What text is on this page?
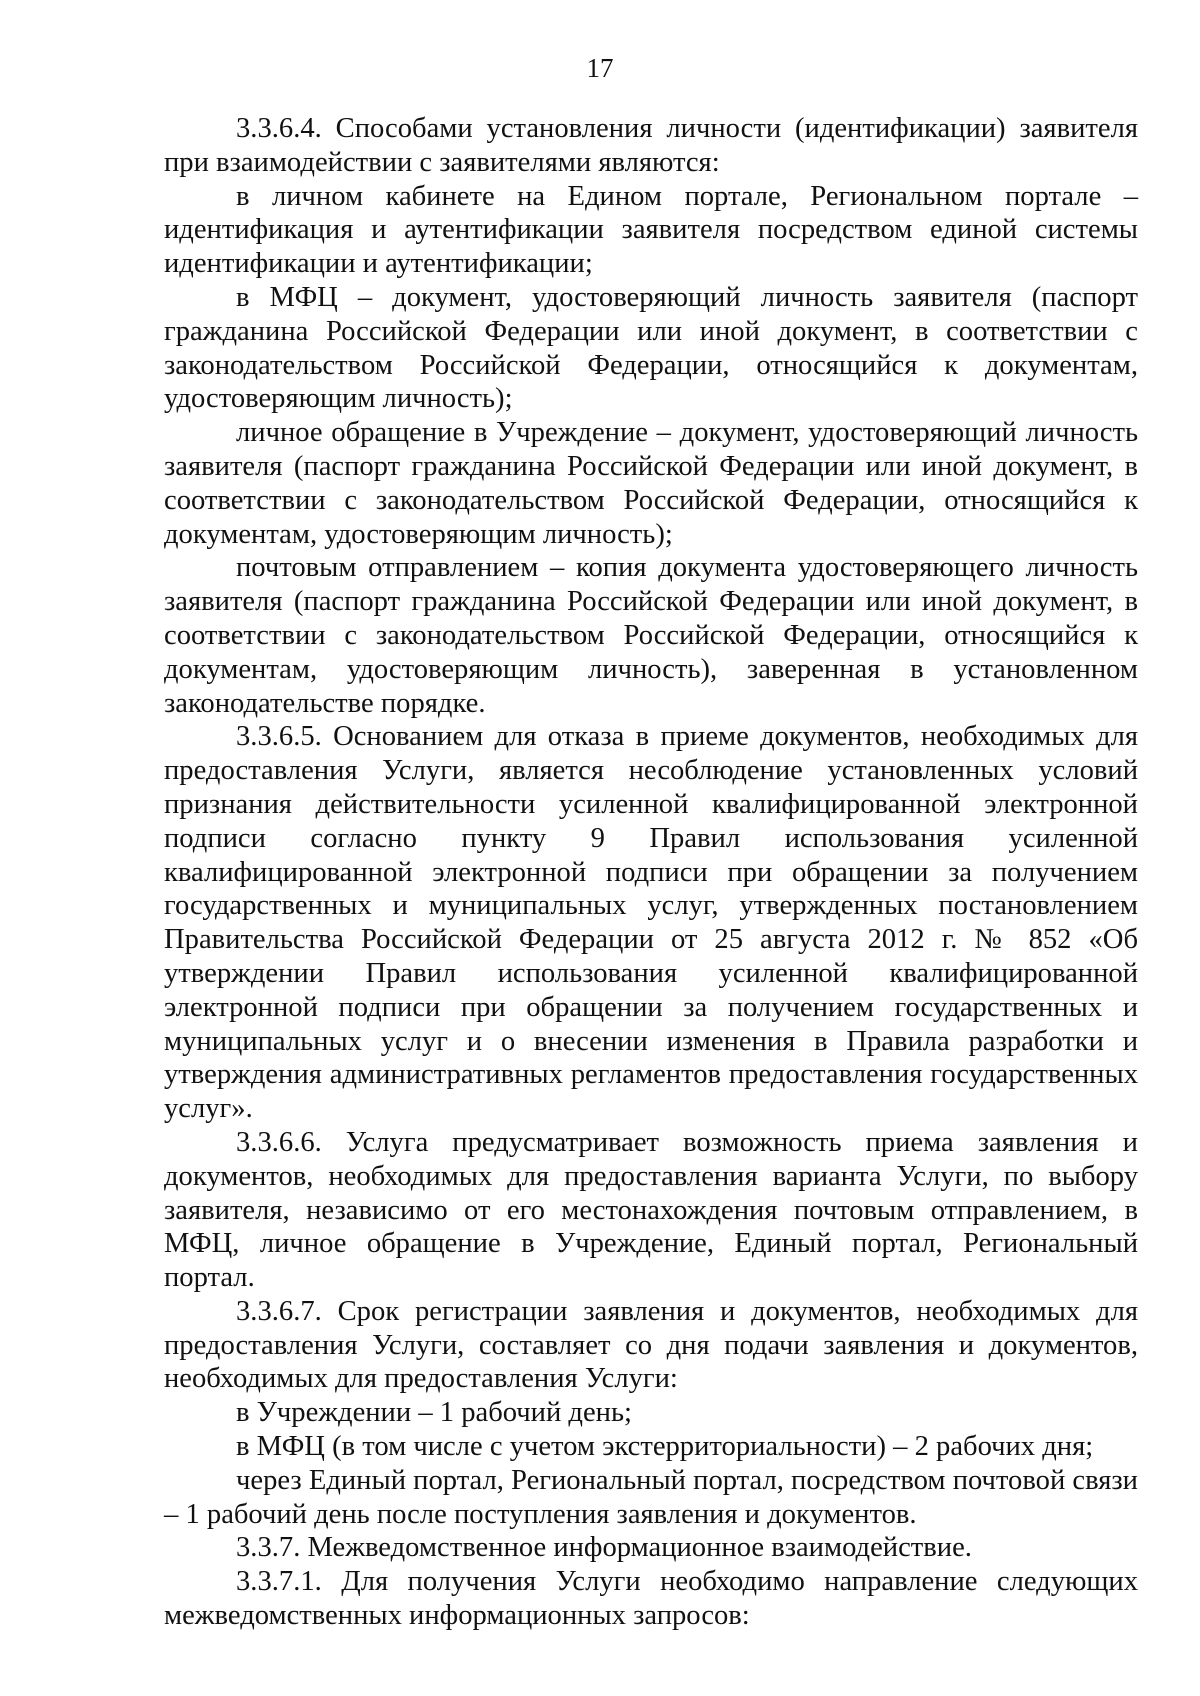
17

3.3.6.4. Способами установления личности (идентификации) заявителя при взаимодействии с заявителями являются:

в личном кабинете на Едином портале, Региональном портале – идентификация и аутентификации заявителя посредством единой системы идентификации и аутентификации;

в МФЦ – документ, удостоверяющий личность заявителя (паспорт гражданина Российской Федерации или иной документ, в соответствии с законодательством Российской Федерации, относящийся к документам, удостоверяющим личность);

личное обращение в Учреждение – документ, удостоверяющий личность заявителя (паспорт гражданина Российской Федерации или иной документ, в соответствии с законодательством Российской Федерации, относящийся к документам, удостоверяющим личность);

почтовым отправлением – копия документа удостоверяющего личность заявителя (паспорт гражданина Российской Федерации или иной документ, в соответствии с законодательством Российской Федерации, относящийся к документам, удостоверяющим личность), заверенная в установленном законодательстве порядке.

3.3.6.5. Основанием для отказа в приеме документов, необходимых для предоставления Услуги, является несоблюдение установленных условий признания действительности усиленной квалифицированной электронной подписи согласно пункту 9 Правил использования усиленной квалифицированной электронной подписи при обращении за получением государственных и муниципальных услуг, утвержденных постановлением Правительства Российской Федерации от 25 августа 2012 г. № 852 «Об утверждении Правил использования усиленной квалифицированной электронной подписи при обращении за получением государственных и муниципальных услуг и о внесении изменения в Правила разработки и утверждения административных регламентов предоставления государственных услуг».

3.3.6.6. Услуга предусматривает возможность приема заявления и документов, необходимых для предоставления варианта Услуги, по выбору заявителя, независимо от его местонахождения почтовым отправлением, в МФЦ, личное обращение в Учреждение, Единый портал, Региональный портал.

3.3.6.7. Срок регистрации заявления и документов, необходимых для предоставления Услуги, составляет со дня подачи заявления и документов, необходимых для предоставления Услуги:

в Учреждении – 1 рабочий день;

в МФЦ (в том числе с учетом экстерриториальности) – 2 рабочих дня;

через Единый портал, Региональный портал, посредством почтовой связи – 1 рабочий день после поступления заявления и документов.

3.3.7. Межведомственное информационное взаимодействие.

3.3.7.1. Для получения Услуги необходимо направление следующих межведомственных информационных запросов:
